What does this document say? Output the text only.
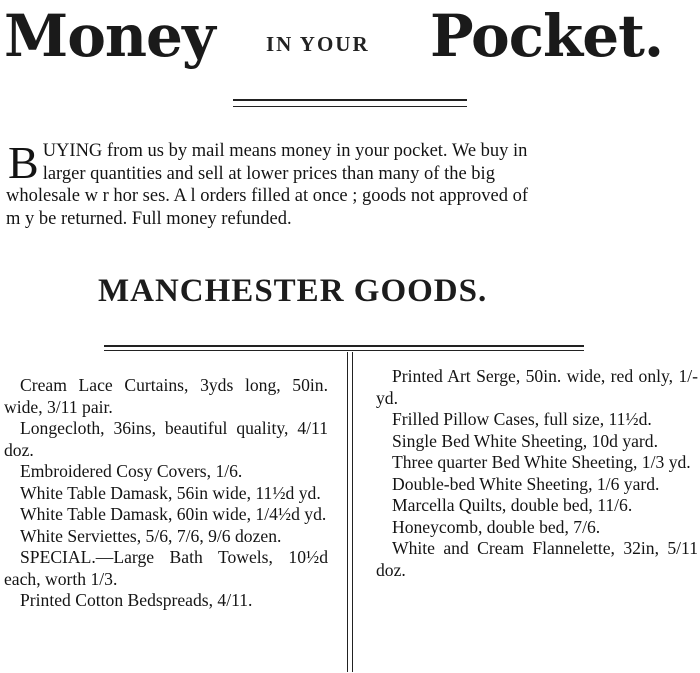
Money IN YOUR Pocket.
B UYING from us by mail means money in your pocket. We buy in
larger quantities and sell at lower prices than many of the big
wholesale w r hor ses. A l orders filled at once ; goods not approved of
m y be returned. Full money refunded.
MANCHESTER GOODS.

Cream Lace Curtains, 3yds long, 50in. wide, 3/11 pair.

Longecloth, 36ins, beautiful quality, 4/11 doz.

Embroidered Cosy Covers, 1/6.

White Table Damask, 56in wide, 11½d yd.

White Table Damask, 60in wide, 1/4½d yd.

White Serviettes, 5/6, 7/6, 9/6 dozen.

SPECIAL.—Large Bath Towels, 10½d each, worth 1/3.

Printed Cotton Bedspreads, 4/11.

Printed Art Serge, 50in. wide, red only, 1/- yd.

Frilled Pillow Cases, full size, 11½d.

Single Bed White Sheeting, 10d yard.

Three quarter Bed White Sheeting, 1/3 yd.

Double-bed White Sheeting, 1/6 yard.

Marcella Quilts, double bed, 11/6.

Honeycomb, double bed, 7/6.

White and Cream Flannelette, 32in, 5/11 doz.
